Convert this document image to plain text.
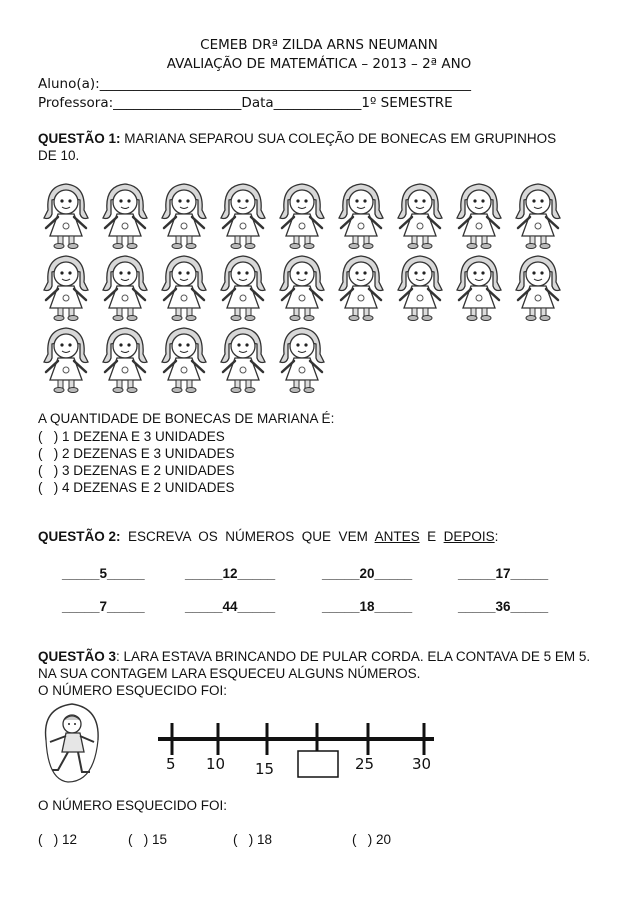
CEMEB DRª ZILDA ARNS NEUMANN
AVALIAÇÃO DE MATEMÁTICA – 2013 – 2ª ANO
Aluno(a):_______________________________________________________
Professora:___________________Data_____________1º SEMESTRE
QUESTÃO 1: MARIANA SEPAROU SUA COLEÇÃO DE BONECAS EM GRUPINHOS DE 10.
A QUANTIDADE DE BONECAS DE MARIANA É:
(   ) 1 DEZENA E 3 UNIDADES
(   ) 2 DEZENAS E 3 UNIDADES
(   ) 3 DEZENAS E 2 UNIDADES
(   ) 4 DEZENAS E 2 UNIDADES
QUESTÃO 2:  ESCREVA  OS  NÚMEROS  QUE  VEM  ANTES  E  DEPOIS:
_____5_____	_____12_____	_____20_____	_____17_____
_____7_____	_____44_____	_____18_____	_____36_____
QUESTÃO 3: LARA ESTAVA BRINCANDO DE PULAR CORDA. ELA CONTAVA DE 5 EM 5. NA SUA CONTAGEM LARA ESQUECEU ALGUNS NÚMEROS.
O NÚMERO ESQUECIDO FOI:
5 10 15	25	30
O NÚMERO ESQUECIDO FOI:
(   ) 12	(   ) 15	(   ) 18	(   ) 20
